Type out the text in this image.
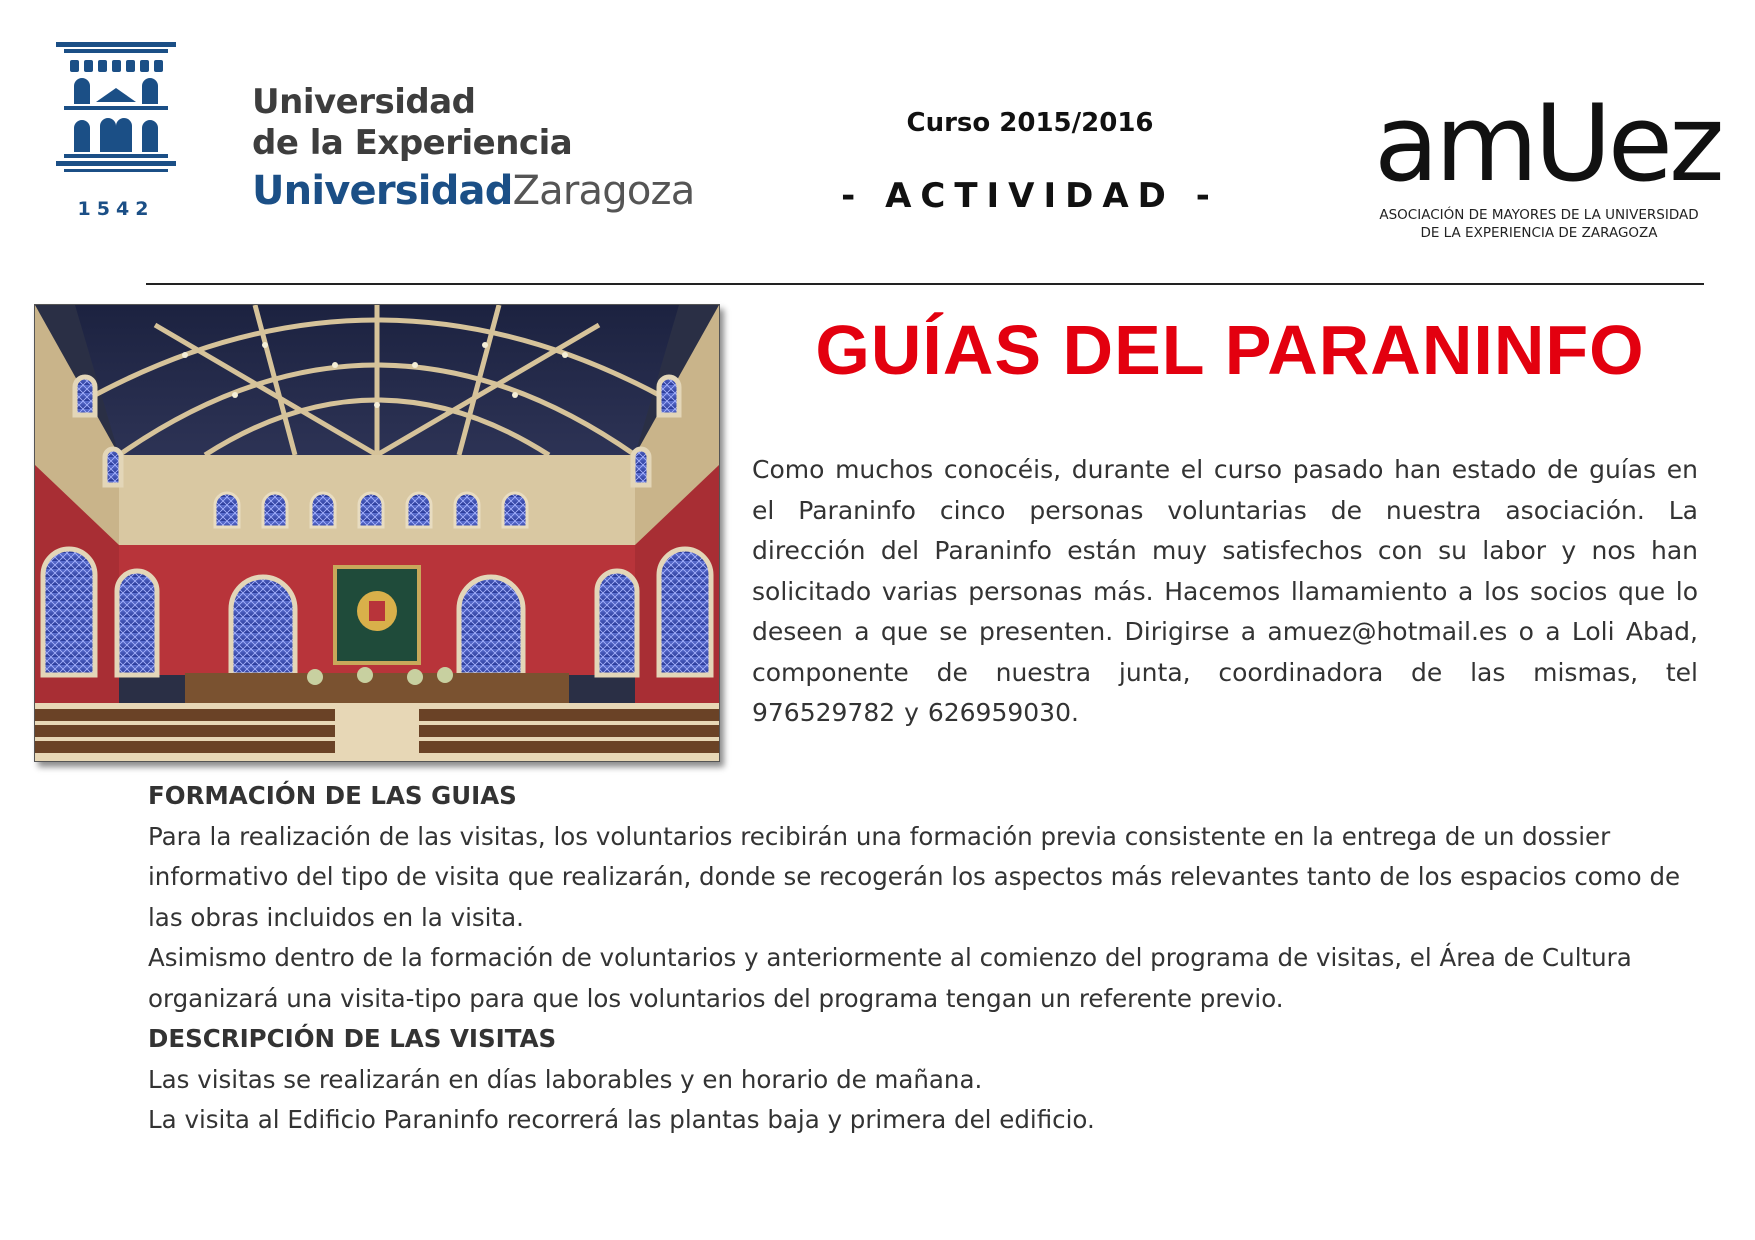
1542
Universidad
de la Experiencia
UniversidadZaragoza
Curso 2015/2016
- ACTIVIDAD - amUez
ASOCIACIÓN DE MAYORES DE LA UNIVERSIDAD
DE LA EXPERIENCIA DE ZARAGOZA
GUÍAS DEL PARANINFO
Como muchos conocéis, durante el curso pasado han estado de guías en el Paraninfo cinco personas voluntarias de nuestra asociación. La dirección del Paraninfo están muy satisfechos con su labor y nos han solicitado varias personas más. Hacemos llamamiento a los socios que lo deseen a que se presenten. Dirigirse a amuez@hotmail.es o a Loli Abad, componente de nuestra junta, coordinadora de las mismas, tel 976529782 y 626959030.

FORMACIÓN DE LAS GUIAS

Para la realización de las visitas, los voluntarios recibirán una formación previa consistente en la entrega de un dossier informativo del tipo de visita que realizarán, donde se recogerán los aspectos más relevantes tanto de los espacios como de las obras incluidos en la visita.

Asimismo dentro de la formación de voluntarios y anteriormente al comienzo del programa de visitas, el Área de Cultura organizará una visita-tipo para que los voluntarios del programa tengan un referente previo.

DESCRIPCIÓN DE LAS VISITAS

Las visitas se realizarán en días laborables y en horario de mañana.

La visita al Edificio Paraninfo recorrerá las plantas baja y primera del edificio.
